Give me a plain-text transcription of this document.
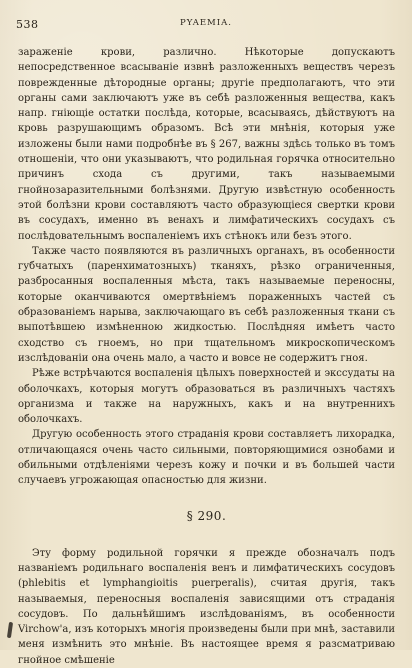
538	PYAEMIA.

зараженіе крови, различно. Нѣкоторые допускаютъ непосредственное всасываніе извнѣ разложенныхъ веществъ черезъ поврежденные дѣтородные органы; другіе предполагаютъ, что эти органы сами заключаютъ уже въ себѣ разложенныя вещества, какъ напр. гніющіе остатки послѣда, которые, всасываясь, дѣйствуютъ на кровь разрушающимъ образомъ. Всѣ эти мнѣнія, которыя уже изложены были нами подробнѣе въ § 267, важны здѣсь только въ томъ отношеніи, что они указываютъ, что родильная горячка относительно причинъ схода съ другими, такъ называемыми гнойнозаразительными болѣзнями. Другую извѣстную особенность этой болѣзни крови составляютъ часто образующіеся свертки крови въ сосудахъ, именно въ венахъ и лимфатическихъ сосудахъ съ послѣдовательнымъ воспаленіемъ ихъ стѣнокъ или безъ этого.

Также часто появляются въ различныхъ органахъ, въ особенности губчатыхъ (паренхиматозныхъ) тканяхъ, рѣзко ограниченныя, разбросанныя воспаленныя мѣста, такъ называемые переносны, которые оканчиваются омертвѣніемъ пораженныхъ частей съ образованіемъ нарыва, заключающаго въ себѣ разложенныя ткани съ выпотѣвшею измѣненною жидкостью. Послѣдняя имѣетъ часто сходство съ гноемъ, но при тщательномъ микроскопическомъ изслѣдованіи она очень мало, а часто и вовсе не содержитъ гноя.

Рѣже встрѣчаются воспаленія цѣлыхъ поверхностей и экссудаты на оболочкахъ, которыя могутъ образоваться въ различныхъ частяхъ организма и также на наружныхъ, какъ и на внутреннихъ оболочкахъ.

Другую особенность этого страданія крови составляетъ лихорадка, отличающаяся очень часто сильными, повторяющимися ознобами и обильными отдѣленіями черезъ кожу и почки и въ большей части случаевъ угрожающая опасностью для жизни.

§ 290.

Эту форму родильной горячки я прежде обозначалъ подъ названіемъ родильнаго воспаленія венъ и лимфатическихъ сосудовъ (phlebitis et lymphangioitis puerperalis), считая другія, такъ называемыя, переносныя воспаленія зависящими отъ страданія сосудовъ. По дальнѣйшимъ изслѣдованіямъ, въ особенности Virchow'а, изъ которыхъ многія произведены были при мнѣ, заставили меня измѣнить это мнѣніе. Въ настоящее время я разсматриваю гнойное смѣшеніе
